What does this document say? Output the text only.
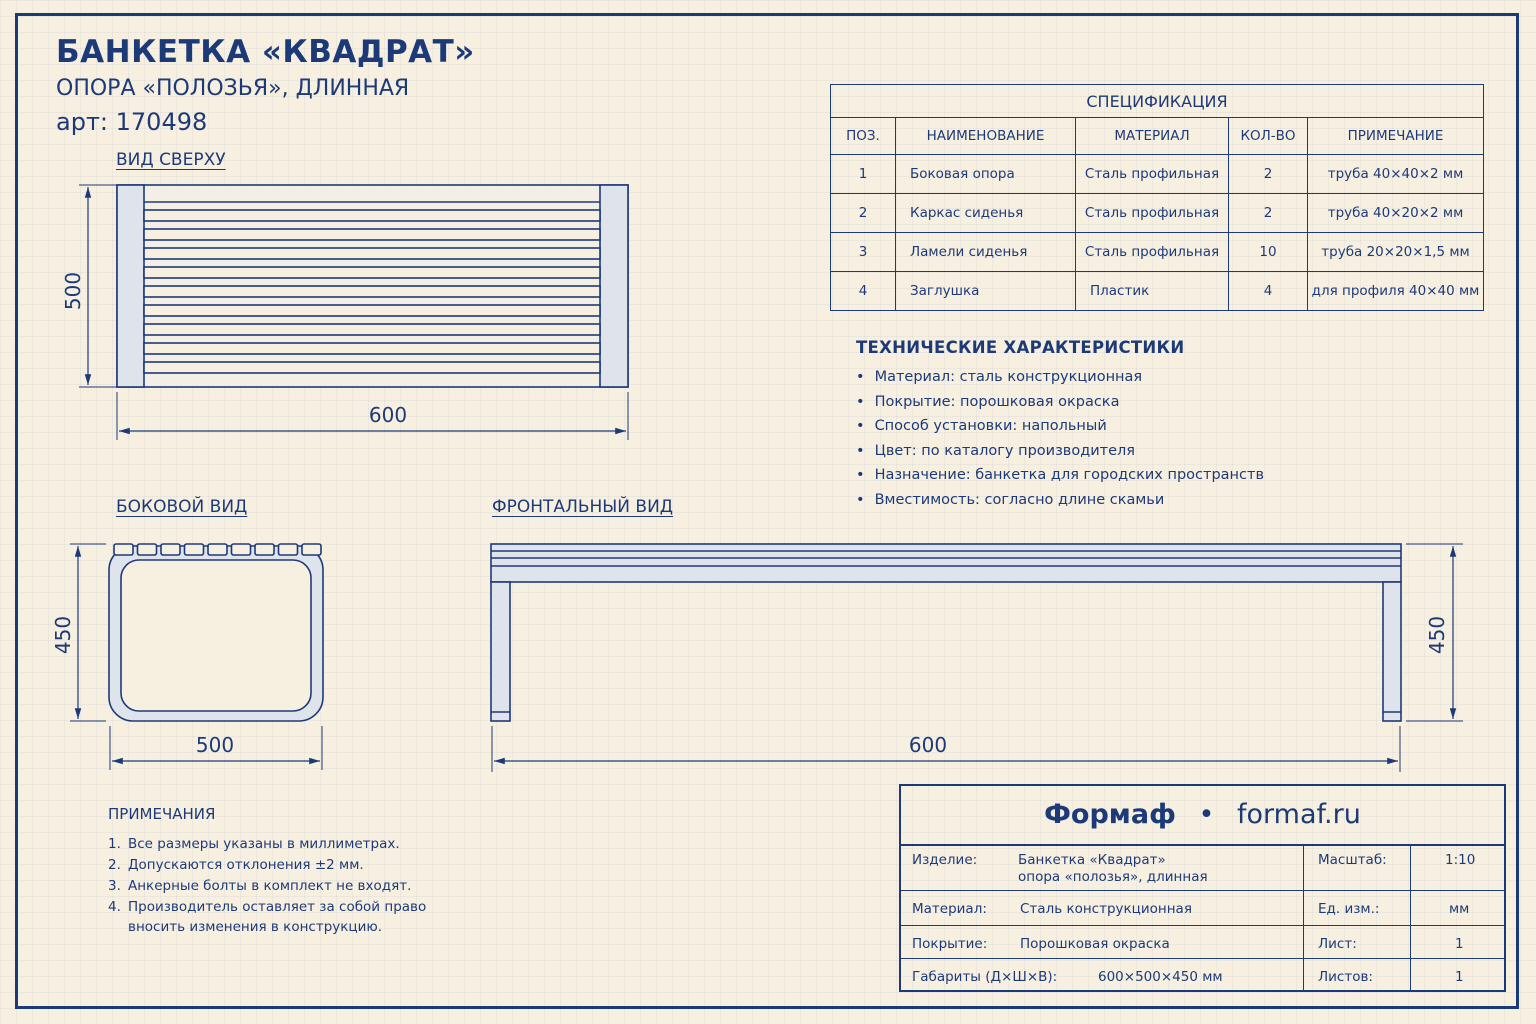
БАНКЕТКА «КВАДРАТ»
ОПОРА «ПОЛОЗЬЯ», ДЛИННАЯ
арт: 170498
ВИД СВЕРХУ
БОКОВОЙ ВИД	ФРОНТАЛЬНЫЙ ВИД
500
600
450
500
450
600
СПЕЦИФИКАЦИЯ				
ПОЗ.	НАИМЕНОВАНИЕ	МАТЕРИАЛ	КОЛ-ВО	ПРИМЕЧАНИЕ
1	Боковая опора	Сталь профильная	2	труба 40×40×2 мм
2	Каркас сиденья	Сталь профильная	2	труба 40×20×2 мм
3	Ламели сиденья	Сталь профильная	10	труба 20×20×1,5 мм
4	Заглушка	Пластик	4	для профиля 40×40 мм
ТЕХНИЧЕСКИЕ ХАРАКТЕРИСТИКИ
• Материал: сталь конструкционная
• Покрытие: порошковая окраска
• Способ установки: напольный
• Цвет: по каталогу производителя
• Назначение: банкетка для городских пространств
• Вместимость: согласно длине скамьи
ПРИМЕЧАНИЯ
1. Все размеры указаны в миллиметрах.
2. Допускаются отклонения ±2 мм.
3. Анкерные болты в комплект не входят.
4. Производитель оставляет за собой право
вносить изменения в конструкцию.
Формаф • formaf.ru
Изделие:	Банкетка «Квадрат»
опора «полозья», длинная
Материал: Сталь конструкционная
Покрытие: Порошковая окраска
Габариты (Д×Ш×В):	600×500×450 мм
Масштаб:	1:10
Ед. изм.:	мм
Лист:	1
Листов:	1
